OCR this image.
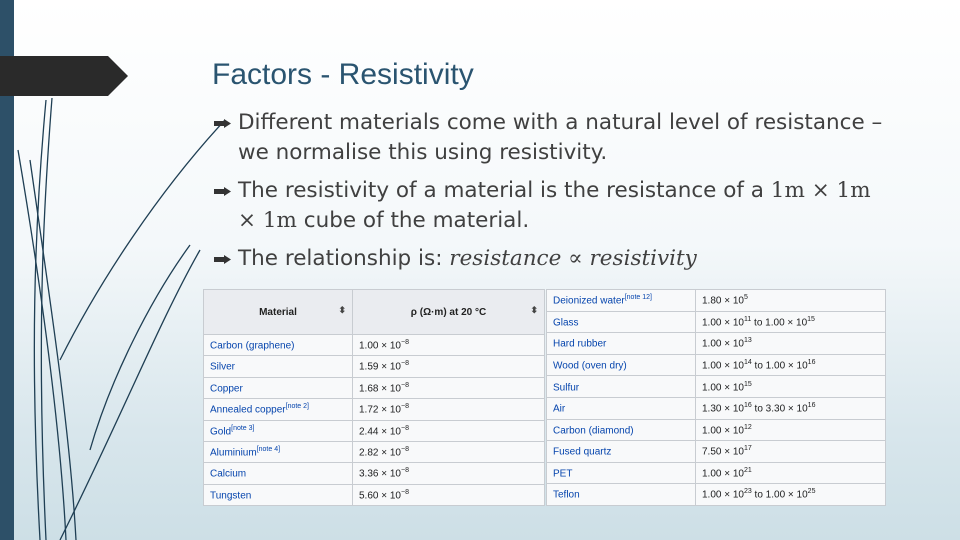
Factors - Resistivity
Different materials come with a natural level of resistance – we normalise this using resistivity.
The resistivity of a material is the resistance of a 1m × 1m × 1m cube of the material.
The relationship is: resistance ∝ resistivity
Material ⬍	ρ (Ω·m) at 20 °C ⬍

Carbon (graphene)	$1.00 \times 10^{-8}$
Silver	$1.59 \times 10^{-8}$
Copper	$1.68 \times 10^{-8}$
Annealed copper[note 2]	$1.72 \times 10^{-8}$
Gold[note 3]	$2.44 \times 10^{-8}$
Aluminium[note 4]	$2.82 \times 10^{-8}$
Calcium	$3.36 \times 10^{-8}$
Tungsten	$5.60 \times 10^{-8}$
Deionized water[note 12]	$1.80 \times 10^5$
Glass	$1.00 \times 10^{11}$ to $1.00 \times 10^{15}$
Hard rubber	$1.00 \times 10^{13}$
Wood (oven dry)	$1.00 \times 10^{14}$ to $1.00 \times 10^{16}$
Sulfur	$1.00 \times 10^{15}$
Air	$1.30 \times 10^{16}$ to $3.30 \times 10^{16}$
Carbon (diamond)	$1.00 \times 10^{12}$
Fused quartz	$7.50 \times 10^{17}$
PET	$1.00 \times 10^{21}$
Teflon	$1.00 \times 10^{23}$ to $1.00 \times 10^{25}$
